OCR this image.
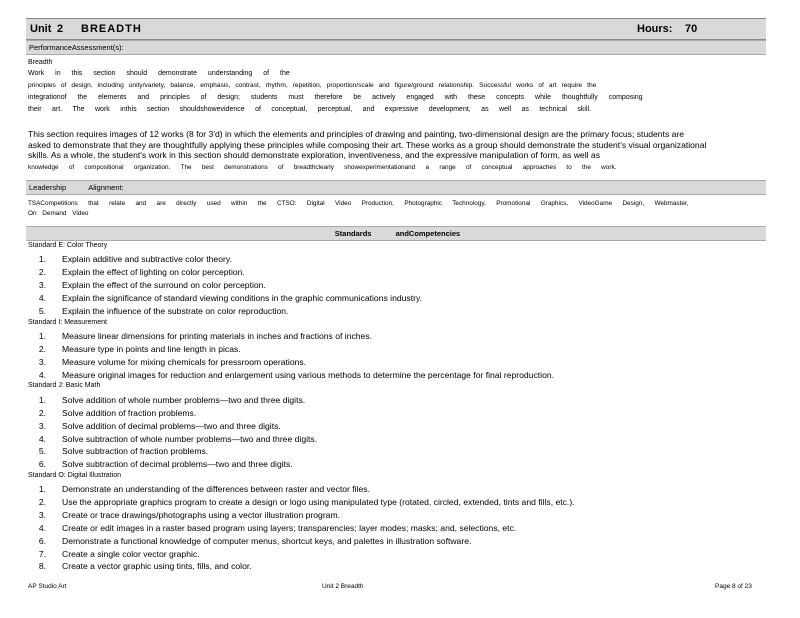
Unit 2 BREADTH	Hours: 70
PerformanceAssessment(s):
Breadth
Work in this section should demonstrate understanding of the
principles of design, including unity/variety, balance, emphasis, contrast, rhythm, repetition, proportion/scale and figure/ground relationship. Successful works of art require the
integrationof the elements and principles of design; students must therefore be actively engaged with these concepts while thoughtfully composing
their art. The work inthis section shouldshowevidence of conceptual, perceptual, and expressive development, as well as technical skill.
This section requires images of 12 works (8 for 3'd) in which the elements and principles of drawing and painting, two-dimensional design are the primary focus; students are
asked to demonstrate that they are thoughtfully applying these principles while composing their art. These works as a group should demonstrate the student's visual organizational
skills. As a whole, the student's work in this section should demonstrate exploration, inventiveness, and the expressive manipulation of form, as well as
knowledge of compositional organization. The best demonstrations of breadthclearly showexperimentationand a range of conceptual approaches to the work.
Leadership	Alignment:
TSACompetitions that relate and are directly used within the CTSO: Digital Video Production, Photographic Technology, Promotional Graphics, VideoGame Design, Webmaster,
On Demand Video
Standards	andCompetencies
Standard E: Color Theory
1. Explain additive and subtractive color theory.
2. Explain the effect of lighting on color perception.
3. Explain the effect of the surround on color perception.
4. Explain the significance of standard viewing conditions in the graphic communications industry.
5. Explain the influence of the substrate on color reproduction.
Standard I: Measurement
1. Measure linear dimensions for printing materials in inches and fractions of inches.
2. Measure type in points and line length in picas.
3. Measure volume for mixing chemicals for pressroom operations.
4. Measure original images for reduction and enlargement using various methods to determine the percentage for final reproduction.
Standard J: Basic Math
1. Solve addition of whole number problems—two and three digits.
2. Solve addition of fraction problems.
3. Solve addition of decimal problems—two and three digits.
4. Solve subtraction of whole number problems—two and three digits.
5. Solve subtraction of fraction problems.
6. Solve subtraction of decimal problems—two and three digits.
Standard O: Digital Illustration
1. Demonstrate an understanding of the differences between raster and vector files.
2. Use the appropriate graphics program to create a design or logo using manipulated type (rotated, circled, extended, tints and fills, etc.).
3. Create or trace drawings/photographs using a vector illustration program.
4. Create or edit images in a raster based program using layers; transparencies; layer modes; masks; and, selections, etc.
6. Demonstrate a functional knowledge of computer menus, shortcut keys, and palettes in illustration software.
7. Create a single color vector graphic.
8. Create a vector graphic using tints, fills, and color.
AP Studio Art	Unit 2 Breadth	Page 8 of 23
